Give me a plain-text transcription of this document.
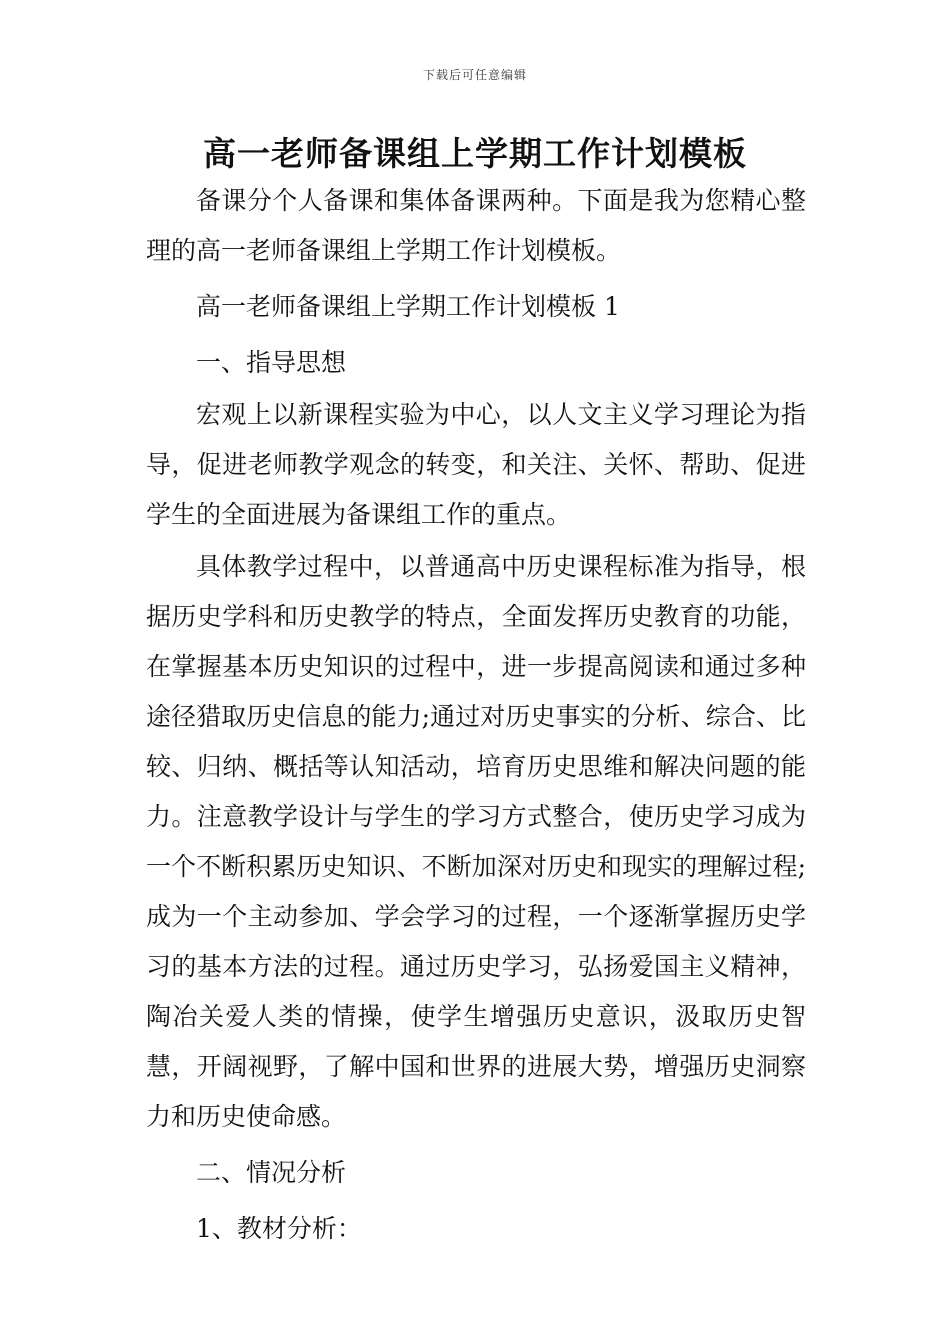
下载后可任意编辑
高一老师备课组上学期工作计划模板

备课分个人备课和集体备课两种。下面是我为您精心整理的高一老师备课组上学期工作计划模板。

高一老师备课组上学期工作计划模板 1
一、指导思想

宏观上以新课程实验为中心，以人文主义学习理论为指导，促进老师教学观念的转变，和关注、关怀、帮助、促进学生的全面进展为备课组工作的重点。

具体教学过程中，以普通高中历史课程标准为指导，根据历史学科和历史教学的特点，全面发挥历史教育的功能，在掌握基本历史知识的过程中，进一步提高阅读和通过多种途径猎取历史信息的能力;通过对历史事实的分析、综合、比较、归纳、概括等认知活动，培育历史思维和解决问题的能力。注意教学设计与学生的学习方式整合，使历史学习成为一个不断积累历史知识、不断加深对历史和现实的理解过程;成为一个主动参加、学会学习的过程，一个逐渐掌握历史学习的基本方法的过程。通过历史学习，弘扬爱国主义精神，陶冶关爱人类的情操，使学生增强历史意识，汲取历史智慧，开阔视野，了解中国和世界的进展大势，增强历史洞察力和历史使命感。

二、情况分析
1、教材分析：
